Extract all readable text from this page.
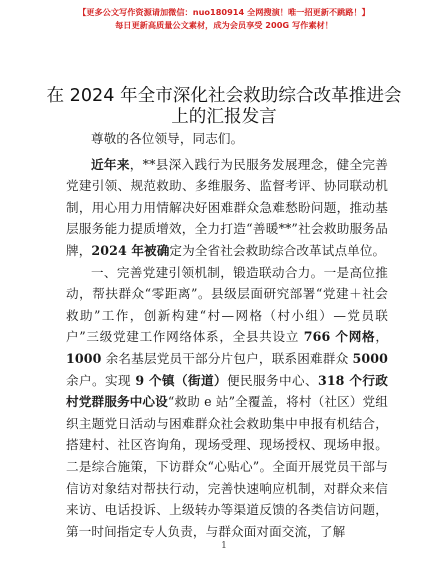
【更多公文写作资源请加微信：nuo180914 全网搜演！唯一招更新不跳路！】
每日更新高质量公文素材，成为会员享受 200G 写作素材！
在 2024 年全市深化社会救助综合改革推进会上的汇报发言

尊敬的各位领导，同志们。

近年来，**县深入践行为民服务发展理念，健全完善党建引领、规范救助、多维服务、监督考评、协同联动机制，用心用力用情解决好困难群众急难愁盼问题，推动基层服务能力提质增效，全力打造“善暖**”社会救助服务品牌，2024 年被确定为全省社会救助综合改革试点单位。

一、完善党建引领机制，锻造联动合力。一是高位推动，帮扶群众“零距离”。县级层面研究部署“党建＋社会救助”工作，创新构建“村—网格（村小组）—党员联户”三级党建工作网络体系，全县共设立 766 个网格，1000 余名基层党员干部分片包户，联系困难群众 5000 余户。实现 9 个镇（街道）便民服务中心、318 个行政村党群服务中心设“救助 e 站”全覆盖，将村（社区）党组织主题党日活动与困难群众社会救助集中申报有机结合，搭建村、社区咨询角，现场受理、现场授权、现场申报。二是综合施策，下访群众“心贴心”。全面开展党员干部与信访对象结对帮扶行动，完善快速响应机制，对群众来信来访、电话投诉、上级转办等渠道反馈的各类信访问题，第一时间指定专人负责，与群众面对面交流，了解

1
